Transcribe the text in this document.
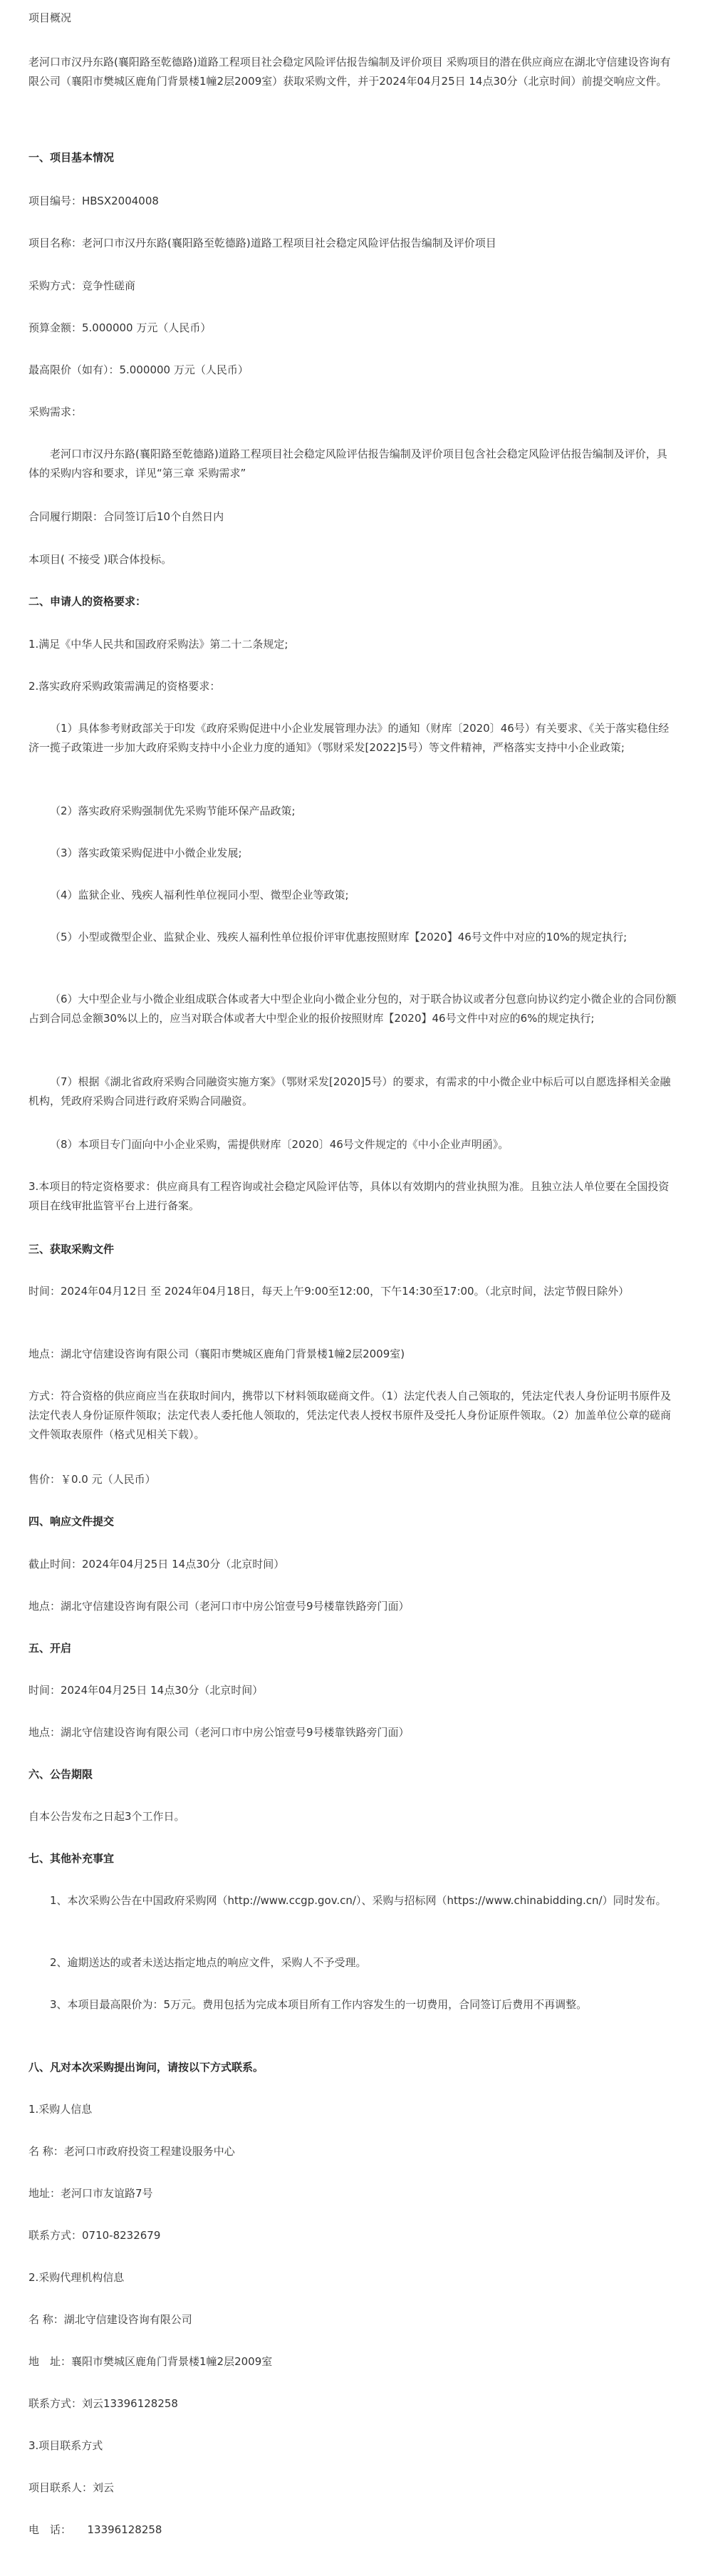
项目概况

老河口市汉丹东路(襄阳路至乾德路)道路工程项目社会稳定风险评估报告编制及评价项目 采购项目的潜在供应商应在湖北守信建设咨询有限公司（襄阳市樊城区鹿角门背景楼1幢2层2009室）获取采购文件，并于2024年04月25日 14点30分（北京时间）前提交响应文件。

一、项目基本情况

项目编号：HBSX2004008

项目名称：老河口市汉丹东路(襄阳路至乾德路)道路工程项目社会稳定风险评估报告编制及评价项目

采购方式：竞争性磋商

预算金额：5.000000 万元（人民币）

最高限价（如有）：5.000000 万元（人民币）

采购需求：

老河口市汉丹东路(襄阳路至乾德路)道路工程项目社会稳定风险评估报告编制及评价项目包含社会稳定风险评估报告编制及评价，具体的采购内容和要求，详见“第三章 采购需求”

合同履行期限：合同签订后10个自然日内

本项目( 不接受 )联合体投标。

二、申请人的资格要求：

1.满足《中华人民共和国政府采购法》第二十二条规定;

2.落实政府采购政策需满足的资格要求：

（1）具体参考财政部关于印发《政府采购促进中小企业发展管理办法》的通知（财库〔2020〕46号）有关要求、《关于落实稳住经济一揽子政策进一步加大政府采购支持中小企业力度的通知》（鄂财采发[2022]5号）等文件精神，严格落实支持中小企业政策;

（2）落实政府采购强制优先采购节能环保产品政策;

（3）落实政策采购促进中小微企业发展;

（4）监狱企业、残疾人福利性单位视同小型、微型企业等政策;

（5）小型或微型企业、监狱企业、残疾人福利性单位报价评审优惠按照财库【2020】46号文件中对应的10%的规定执行;

（6）大中型企业与小微企业组成联合体或者大中型企业向小微企业分包的，对于联合协议或者分包意向协议约定小微企业的合同份额占到合同总金额30%以上的，应当对联合体或者大中型企业的报价按照财库【2020】46号文件中对应的6%的规定执行;

（7）根据《湖北省政府采购合同融资实施方案》（鄂财采发[2020]5号）的要求，有需求的中小微企业中标后可以自愿选择相关金融机构，凭政府采购合同进行政府采购合同融资。

（8）本项目专门面向中小企业采购，需提供财库〔2020〕46号文件规定的《中小企业声明函》。

3.本项目的特定资格要求：供应商具有工程咨询或社会稳定风险评估等，具体以有效期内的营业执照为准。且独立法人单位要在全国投资项目在线审批监管平台上进行备案。

三、获取采购文件

时间：2024年04月12日 至 2024年04月18日，每天上午9:00至12:00，下午14:30至17:00。（北京时间，法定节假日除外）

地点：湖北守信建设咨询有限公司（襄阳市樊城区鹿角门背景楼1幢2层2009室)

方式：符合资格的供应商应当在获取时间内，携带以下材料领取磋商文件。（1）法定代表人自己领取的，凭法定代表人身份证明书原件及法定代表人身份证原件领取；法定代表人委托他人领取的，凭法定代表人授权书原件及受托人身份证原件领取。（2）加盖单位公章的磋商文件领取表原件（格式见相关下载）。

售价：￥0.0 元（人民币）

四、响应文件提交

截止时间：2024年04月25日 14点30分（北京时间）

地点：湖北守信建设咨询有限公司（老河口市中房公馆壹号9号楼靠铁路旁门面）

五、开启

时间：2024年04月25日 14点30分（北京时间）

地点：湖北守信建设咨询有限公司（老河口市中房公馆壹号9号楼靠铁路旁门面）

六、公告期限

自本公告发布之日起3个工作日。

七、其他补充事宜

1、本次采购公告在中国政府采购网（http://www.ccgp.gov.cn/）、采购与招标网（https://www.chinabidding.cn/）同时发布。

2、逾期送达的或者未送达指定地点的响应文件，采购人不予受理。

3、本项目最高限价为：5万元。费用包括为完成本项目所有工作内容发生的一切费用，合同签订后费用不再调整。

八、凡对本次采购提出询问，请按以下方式联系。

1.采购人信息

名 称：老河口市政府投资工程建设服务中心

地址：老河口市友谊路7号

联系方式：0710-8232679

2.采购代理机构信息

名 称：湖北守信建设咨询有限公司

地　址：襄阳市樊城区鹿角门背景楼1幢2层2009室

联系方式：刘云13396128258

3.项目联系方式

项目联系人：刘云

电　话：　　13396128258
